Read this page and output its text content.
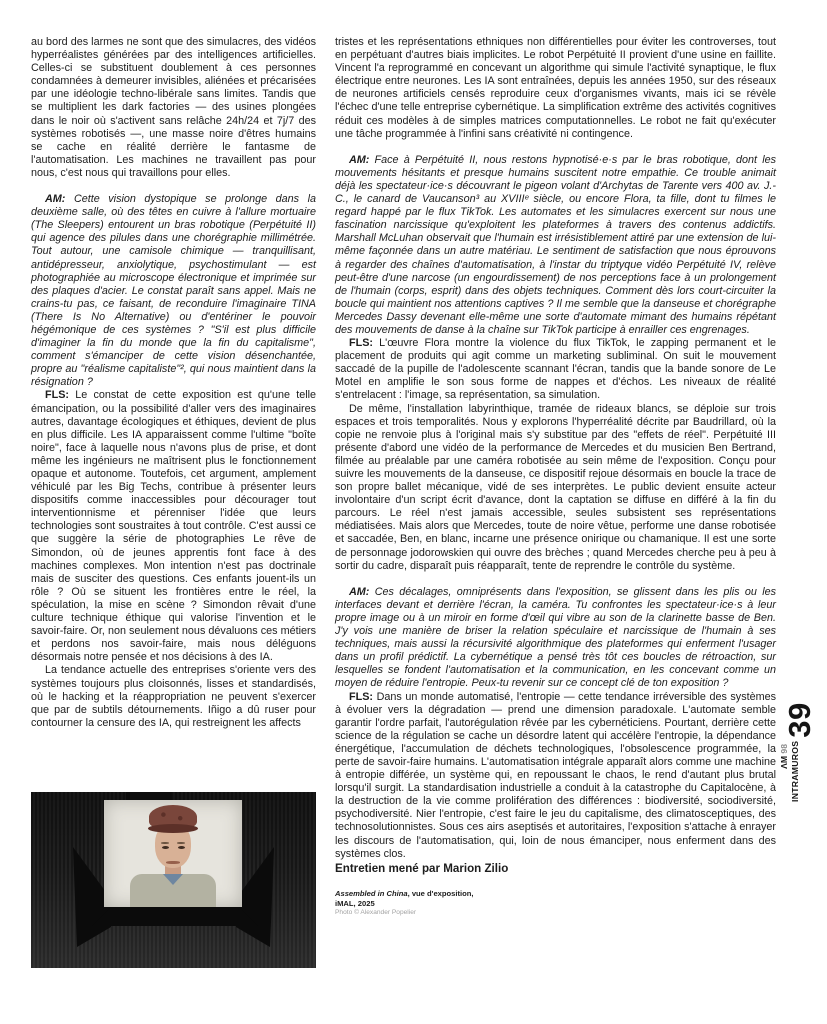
au bord des larmes ne sont que des simulacres, des vidéos hyperréalistes générées par des intelligences artificielles. Celles-ci se substituent doublement à ces personnes condamnées à demeurer invisibles, aliénées et précarisées par une idéologie techno-libérale sans limites. Tandis que se multiplient les dark factories — des usines plongées dans le noir où s'activent sans relâche 24h/24 et 7j/7 des systèmes robotisés —, une masse noire d'êtres humains se cache en réalité derrière le fantasme de l'automatisation. Les machines ne travaillent pas pour nous, c'est nous qui travaillons pour elles.

AM: Cette vision dystopique se prolonge dans la deuxième salle, où des têtes en cuivre à l'allure mortuaire (The Sleepers) entourent un bras robotique (Perpétuité II) qui agence des pilules dans une chorégraphie millimétrée. Tout autour, une camisole chimique — tranquillisant, antidépresseur, anxiolytique, psychostimulant — est photographiée au microscope électronique et imprimée sur des plaques d'acier. Le constat paraît sans appel. Mais ne crains-tu pas, ce faisant, de reconduire l'imaginaire TINA (There Is No Alternative) ou d'entériner le pouvoir hégémonique de ces systèmes ? "S'il est plus difficile d'imaginer la fin du monde que la fin du capitalisme", comment s'émanciper de cette vision désenchantée, propre au "réalisme capitaliste"², qui nous maintient dans la résignation ?

FLS: Le constat de cette exposition est qu'une telle émancipation, ou la possibilité d'aller vers des imaginaires autres, davantage écologiques et éthiques, devient de plus en plus difficile. Les IA apparaissent comme l'ultime "boîte noire", face à laquelle nous n'avons plus de prise, et dont même les ingénieurs ne maîtrisent plus le fonctionnement opaque et autonome. Toutefois, cet argument, amplement véhiculé par les Big Techs, contribue à présenter leurs dispositifs comme inaccessibles pour décourager tout interventionnisme et pérenniser l'idée que leurs technologies sont soustraites à tout contrôle. C'est aussi ce que suggère la série de photographies Le rêve de Simondon, où de jeunes apprentis font face à des machines complexes. Mon intention n'est pas doctrinale mais de susciter des questions. Ces enfants jouent-ils un rôle ? Où se situent les frontières entre le réel, la spéculation, la mise en scène ? Simondon rêvait d'une culture technique éthique qui valorise l'invention et le savoir-faire. Or, non seulement nous dévaluons ces métiers et perdons nos savoir-faire, mais nous déléguons désormais notre pensée et nos décisions à des IA.

La tendance actuelle des entreprises s'oriente vers des systèmes toujours plus cloisonnés, lisses et standardisés, où le hacking et la réappropriation ne peuvent s'exercer que par de subtils détournements. Iñigo a dû ruser pour contourner la censure des IA, qui restreignent les affects

tristes et les représentations ethniques non différentielles pour éviter les controverses, tout en perpétuant d'autres biais implicites. Le robot Perpétuité II provient d'une usine en faillite. Vincent l'a reprogrammé en concevant un algorithme qui simule l'activité synaptique, le flux électrique entre neurones. Les IA sont entraînées, depuis les années 1950, sur des réseaux de neurones artificiels censés reproduire ceux d'organismes vivants, mais ici se révèle l'échec d'une telle entreprise cybernétique. La simplification extrême des activités cognitives réduit ces modèles à de simples matrices computationnelles. Le robot ne fait qu'exécuter une tâche programmée à l'infini sans créativité ni contingence.

AM: Face à Perpétuité II, nous restons hypnotisé·e·s par le bras robotique, dont les mouvements hésitants et presque humains suscitent notre empathie. Ce trouble animait déjà les spectateur·ice·s découvrant le pigeon volant d'Archytas de Tarente vers 400 av. J.-C., le canard de Vaucanson³ au XVIIIᵉ siècle, ou encore Flora, ta fille, dont tu filmes le regard happé par le flux TikTok. Les automates et les simulacres exercent sur nous une fascination narcissique qu'exploitent les plateformes à travers des contenus addictifs. Marshall McLuhan observait que l'humain est irrésistiblement attiré par une extension de lui-même façonnée dans un autre matériau. Le sentiment de satisfaction que nous éprouvons à regarder des chaînes d'automatisation, à l'instar du triptyque vidéo Perpétuité IV, relève peut-être d'une narcose (un engourdissement) de nos perceptions face à un prolongement de l'humain (corps, esprit) dans des objets techniques. Comment dès lors court-circuiter la boucle qui maintient nos attentions captives ? Il me semble que la danseuse et chorégraphe Mercedes Dassy devenant elle-même une sorte d'automate mimant des humains répétant des mouvements de danse à la chaîne sur TikTok participe à enrailler ces engrenages.

FLS: L'œuvre Flora montre la violence du flux TikTok, le zapping permanent et le placement de produits qui agit comme un marketing subliminal. On suit le mouvement saccadé de la pupille de l'adolescente scannant l'écran, tandis que la bande sonore de Le Motel en amplifie le son sous forme de nappes et d'échos. Les niveaux de réalité s'entrelacent : l'image, sa représentation, sa simulation.

De même, l'installation labyrinthique, tramée de rideaux blancs, se déploie sur trois espaces et trois temporalités. Nous y explorons l'hyperréalité décrite par Baudrillard, où la copie ne renvoie plus à l'original mais s'y substitue par des "effets de réel". Perpétuité III présente d'abord une vidéo de la performance de Mercedes et du musicien Ben Bertrand, filmée au préalable par une caméra robotisée au sein même de l'exposition. Conçu pour suivre les mouvements de la danseuse, ce dispositif rejoue désormais en boucle la trace de son propre ballet mécanique, vidé de ses interprètes. Le public devient ensuite acteur involontaire d'un script écrit d'avance, dont la captation se diffuse en différé à la fin du parcours. Le réel n'est jamais accessible, seules subsistent ses représentations médiatisées. Mais alors que Mercedes, toute de noire vêtue, performe une danse robotisée et saccadée, Ben, en blanc, incarne une présence onirique ou chamanique. Il est une sorte de personnage jodorowskien qui ouvre des brèches ; quand Mercedes cherche peu à peu à sortir du cadre, disparaît puis réapparaît, tente de reprendre le contrôle du système.

AM: Ces décalages, omniprésents dans l'exposition, se glissent dans les plis ou les interfaces devant et derrière l'écran, la caméra. Tu confrontes les spectateur·ice·s à leur propre image ou à un miroir en forme d'œil qui vibre au son de la clarinette basse de Ben. J'y vois une manière de briser la relation spéculaire et narcissique de l'humain à ses techniques, mais aussi la récursivité algorithmique des plateformes qui enferment l'usager dans un profil prédictif. La cybernétique a pensé très tôt ces boucles de rétroaction, sur lesquelles se fondent l'automatisation et la communication, en les concevant comme un moyen de réduire l'entropie. Peux-tu revenir sur ce concept clé de ton exposition ?

FLS: Dans un monde automatisé, l'entropie — cette tendance irréversible des systèmes à évoluer vers la dégradation — prend une dimension paradoxale. L'automate semble garantir l'ordre parfait, l'autorégulation rêvée par les cybernéticiens. Pourtant, derrière cette science de la régulation se cache un désordre latent qui accélère l'entropie, la dépendance énergétique, l'accumulation de déchets technologiques, l'obsolescence programmée, la perte de savoir-faire humains. L'automatisation intégrale apparaît alors comme une machine à entropie différée, un système qui, en repoussant le chaos, le rend d'autant plus brutal lorsqu'il surgit. La standardisation industrielle a conduit à la catastrophe du Capitalocène, à la destruction de la vie comme prolifération des différences : biodiversité, sociodiversité, psychodiversité. Nier l'entropie, c'est faire le jeu du capitalisme, des climatosceptiques, des technosolutionnistes. Sous ces airs aseptisés et autoritaires, l'exposition s'attache à enrayer les discours de l'automatisation, qui, loin de nous émanciper, nous enferment dans des systèmes clos.

Entretien mené par Marion Zilio

Assembled in China, vue d'exposition,

iMAL, 2025

Photo © Alexander Popelier

39
ΛM 98 INTRAMUROS
